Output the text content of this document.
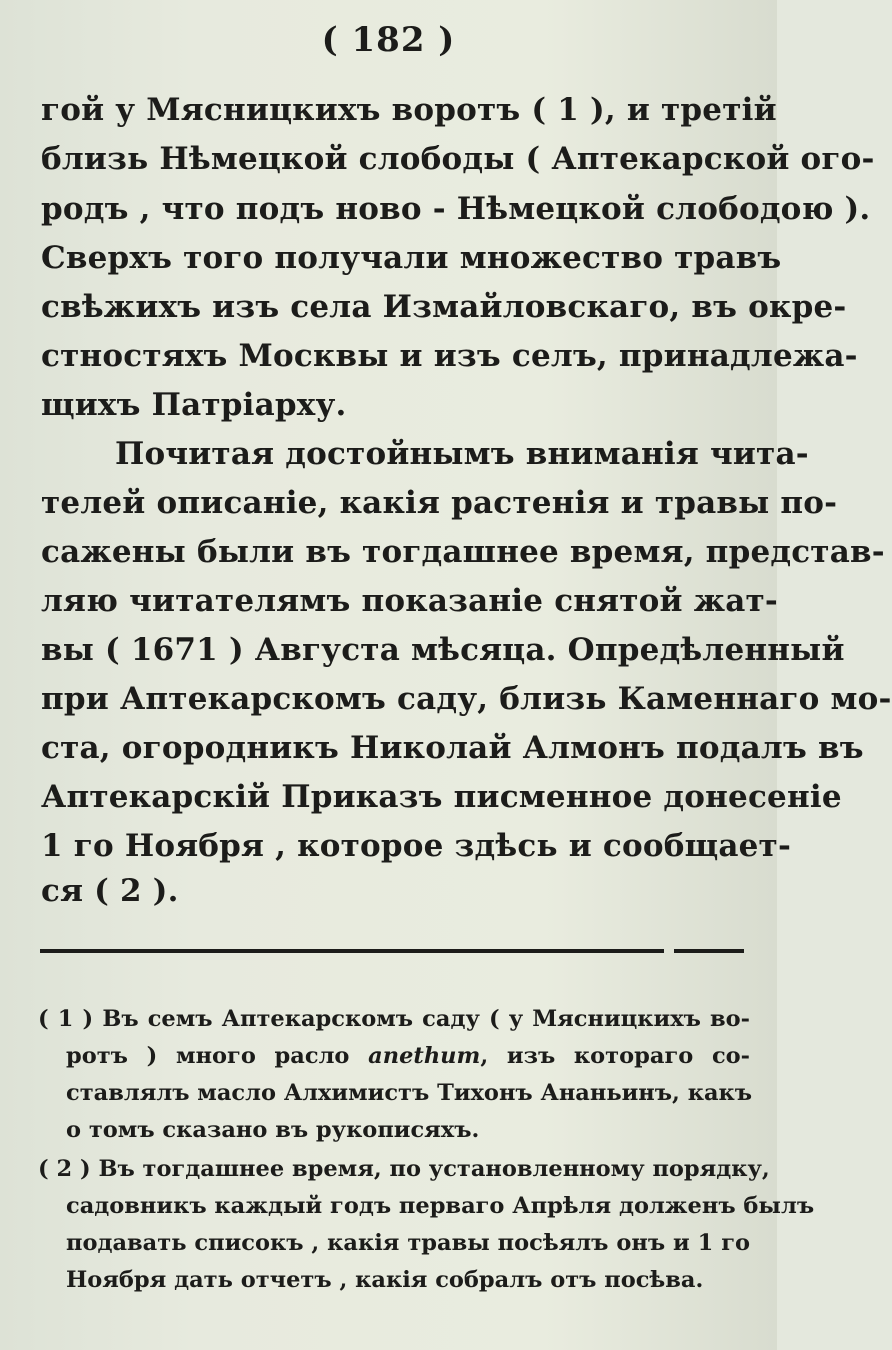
( 182 )

гой у Мясницкихъ воротъ ( 1 ), и третій

близь Нѣмецкой слободы ( Аптекарской ого-

родъ , что подъ ново - Нѣмецкой слободою ).

Сверхъ того получали множество травъ

свѣжихъ изъ села Измайловскаго, въ окре-

стностяхъ Москвы и изъ селъ, принадлежа-

щихъ Патріарху.

Почитая достойнымъ вниманія чита-

телей описаніе, какія растенія и травы по-

сажены были въ тогдашнее время, представ-

ляю читателямъ показаніе снятой жат-

вы ( 1671 ) Августа мѣсяца. Опредѣленный

при Аптекарскомъ саду, близь Каменнаго мо-

ста, огородникъ Николай Алмонъ подалъ въ

Аптекарскій Приказъ писменное донесеніе

1 го Ноября , которое здѣсь и сообщает-

ся ( 2 ).

( 1 ) Въ семъ Аптекарскомъ саду ( у Мясницкихъ во-

ротъ ) много расло anethum, изъ котораго со-

ставлялъ масло Алхимистъ Тихонъ Ананьинъ, какъ

о томъ сказано въ рукописяхъ.

( 2 ) Въ тогдашнее время, по установленному порядку,

садовникъ каждый годъ перваго Апрѣля долженъ былъ

подавать списокъ , какія травы посѣялъ онъ и 1 го

Ноября дать отчетъ , какія собралъ отъ посѣва.
